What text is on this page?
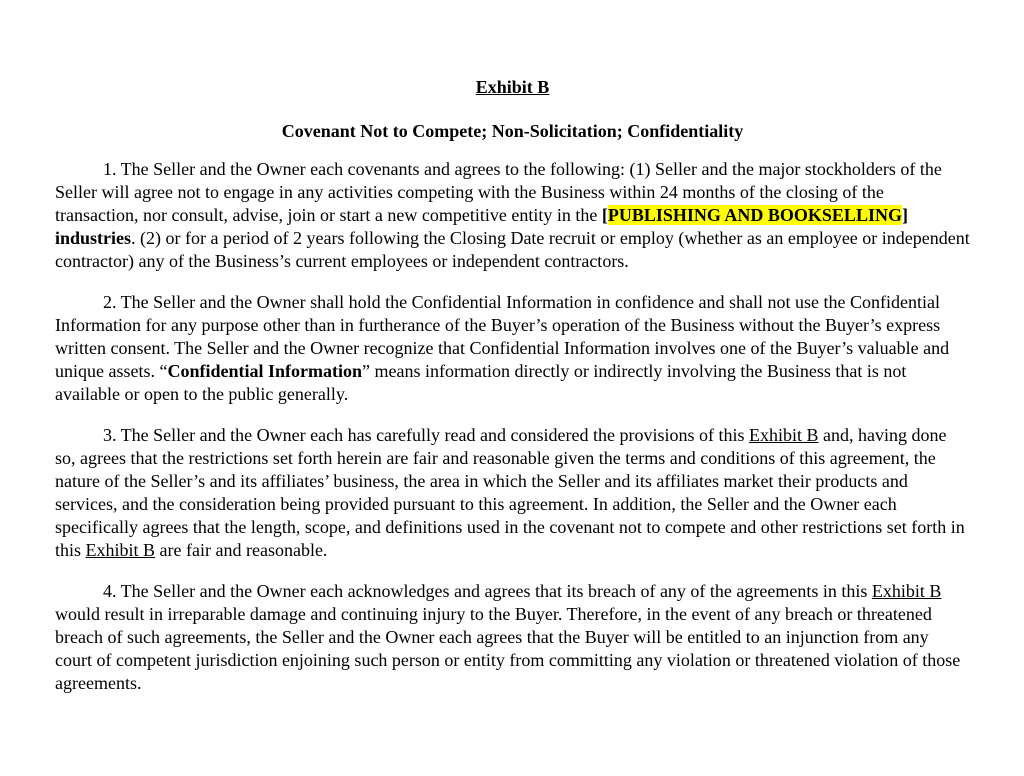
Exhibit B

Covenant Not to Compete; Non-Solicitation; Confidentiality

1. The Seller and the Owner each covenants and agrees to the following: (1) Seller and the major stockholders of the Seller will agree not to engage in any activities competing with the Business within 24 months of the closing of the transaction, nor consult, advise, join or start a new competitive entity in the [PUBLISHING AND BOOKSELLING] industries. (2) or for a period of 2 years following the Closing Date recruit or employ (whether as an employee or independent contractor) any of the Business’s current employees or independent contractors.

2. The Seller and the Owner shall hold the Confidential Information in confidence and shall not use the Confidential Information for any purpose other than in furtherance of the Buyer’s operation of the Business without the Buyer’s express written consent. The Seller and the Owner recognize that Confidential Information involves one of the Buyer’s valuable and unique assets. “Confidential Information” means information directly or indirectly involving the Business that is not available or open to the public generally.

3. The Seller and the Owner each has carefully read and considered the provisions of this Exhibit B and, having done so, agrees that the restrictions set forth herein are fair and reasonable given the terms and conditions of this agreement, the nature of the Seller’s and its affiliates’ business, the area in which the Seller and its affiliates market their products and services, and the consideration being provided pursuant to this agreement. In addition, the Seller and the Owner each specifically agrees that the length, scope, and definitions used in the covenant not to compete and other restrictions set forth in this Exhibit B are fair and reasonable.

4. The Seller and the Owner each acknowledges and agrees that its breach of any of the agreements in this Exhibit B would result in irreparable damage and continuing injury to the Buyer. Therefore, in the event of any breach or threatened breach of such agreements, the Seller and the Owner each agrees that the Buyer will be entitled to an injunction from any court of competent jurisdiction enjoining such person or entity from committing any violation or threatened violation of those agreements.
